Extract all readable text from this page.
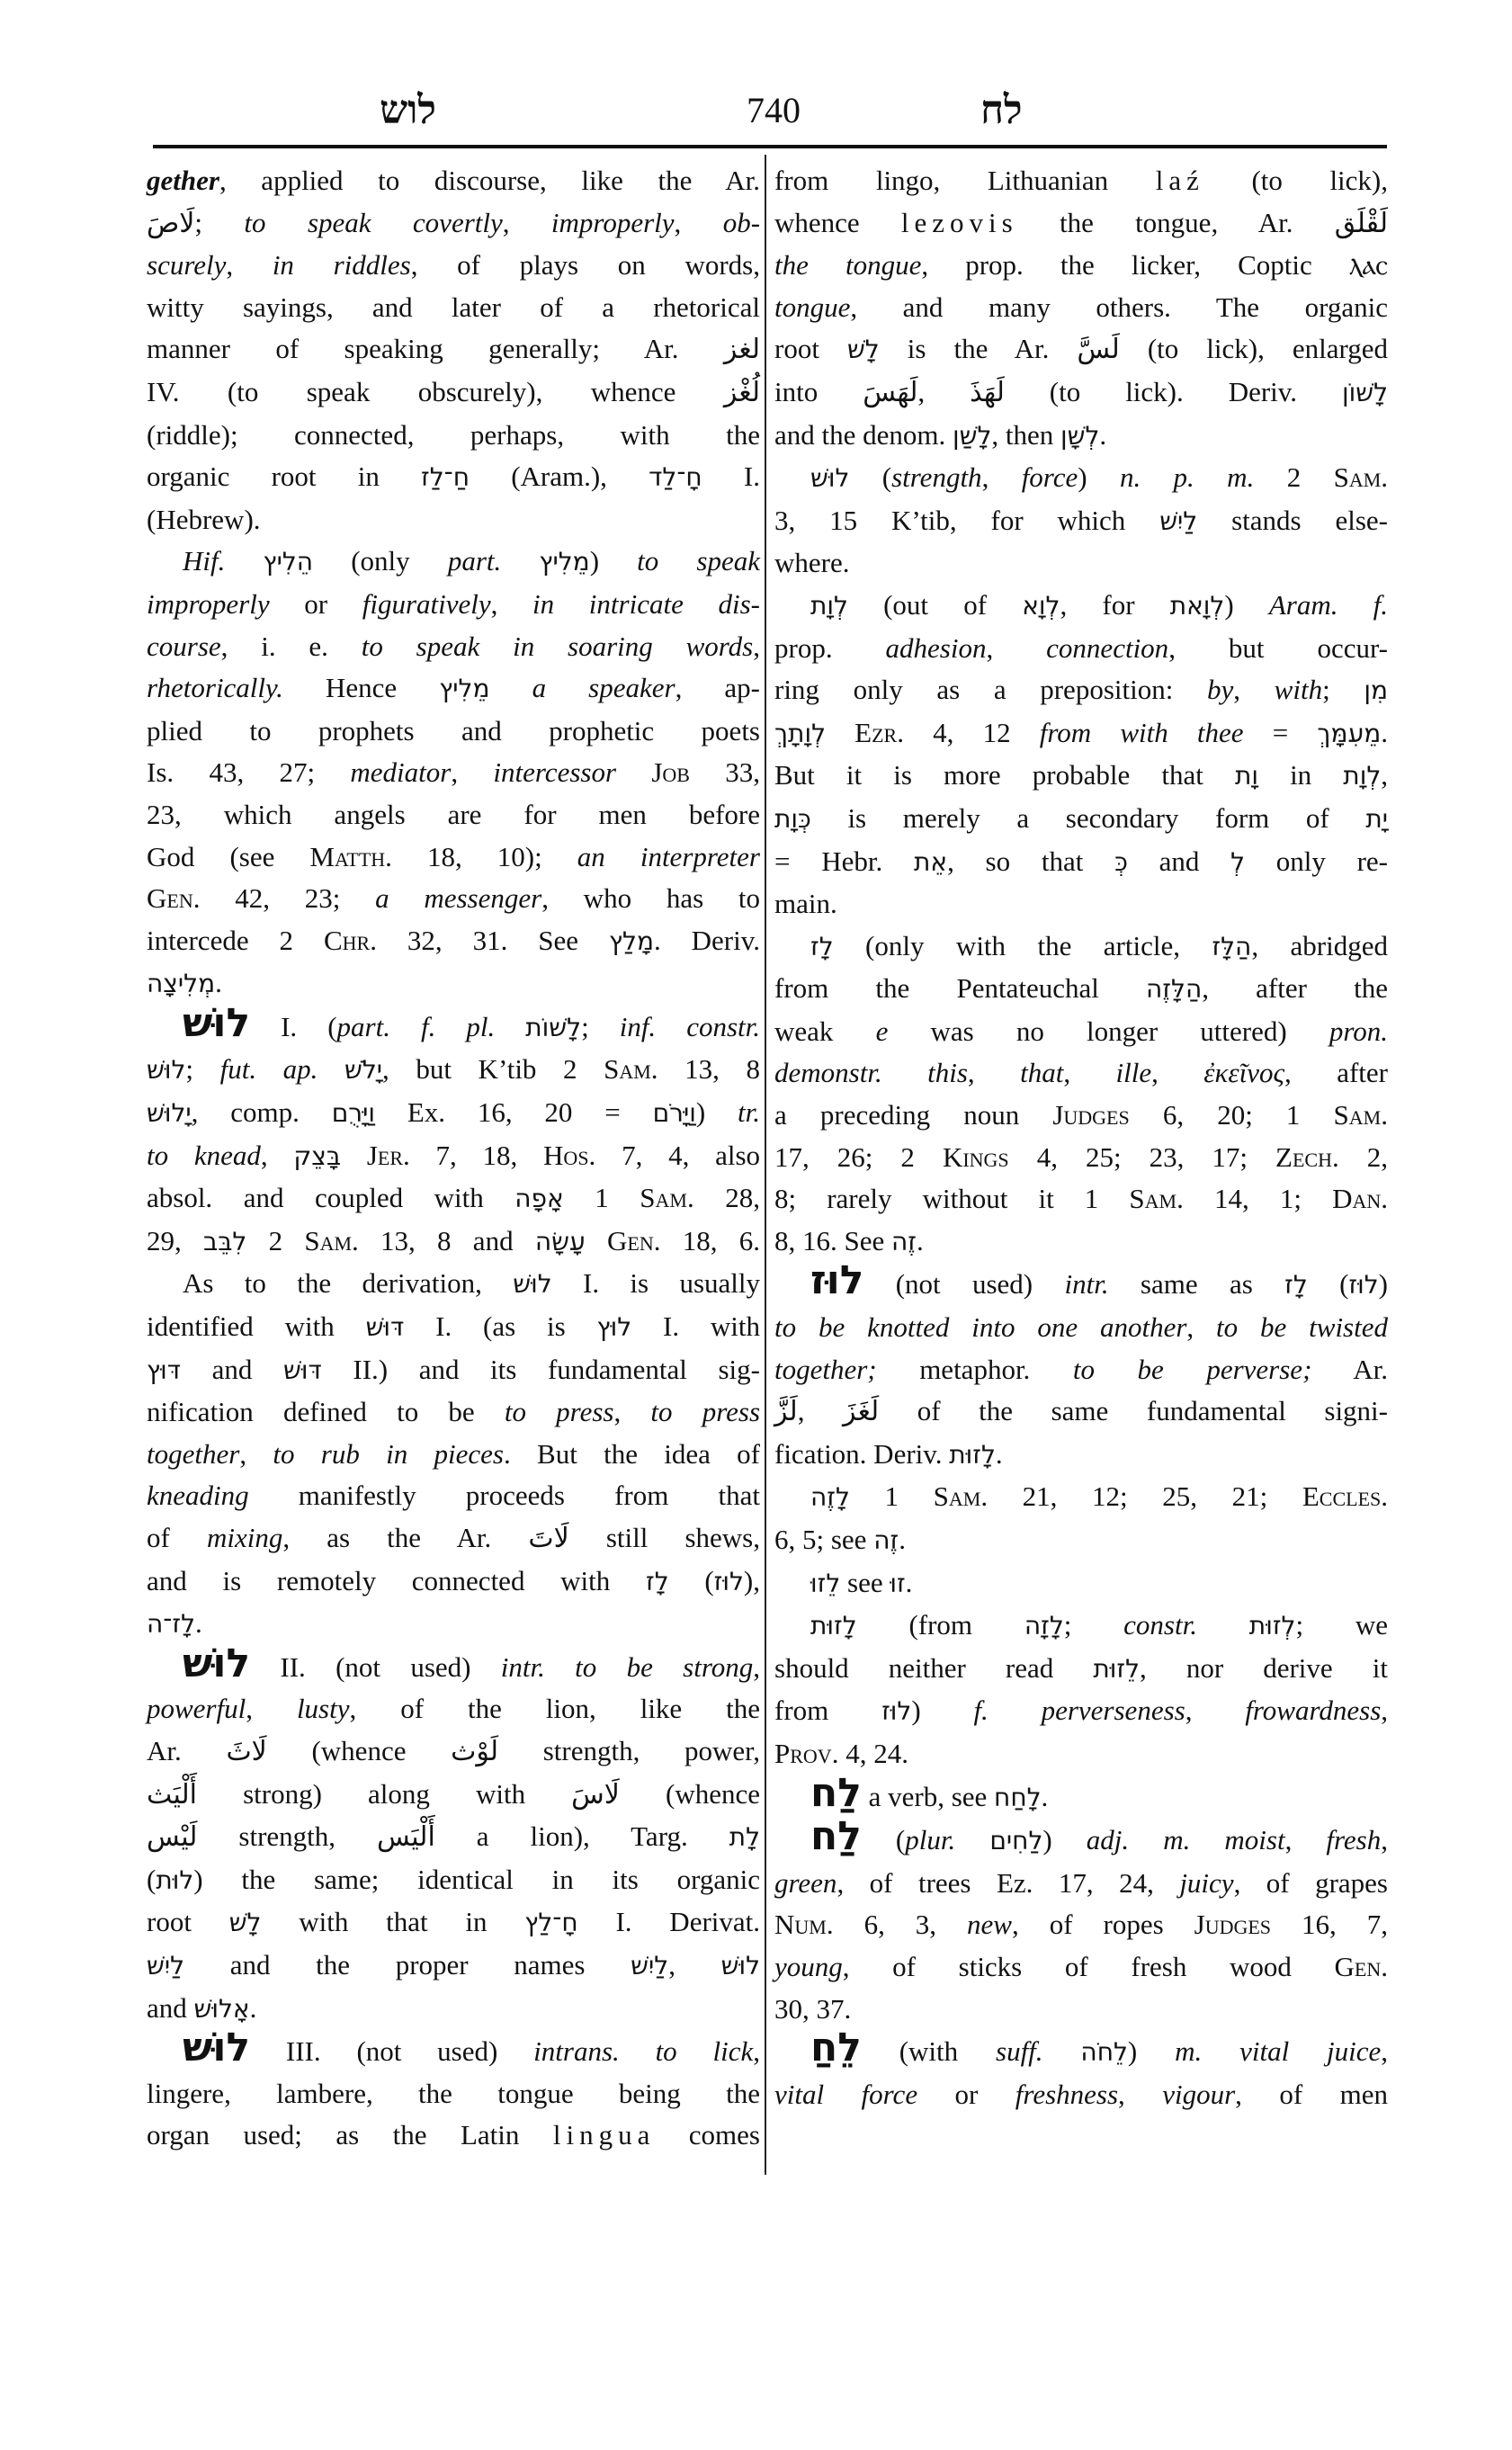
לוש	740	לח
gether, applied to discourse, like the Ar.
لَاصَ; to speak covertly, improperly, ob-
scurely, in riddles, of plays on words,
witty sayings, and later of a rhetorical
manner of speaking generally; Ar. لغز
IV. (to speak obscurely), whence لُغْز
(riddle); connected, perhaps, with the
organic root in חַ־לַז (Aram.), חָ־לַד I.
(Hebrew).
Hif. הֵלִיץ (only part. מֵלִיץ) to speak
improperly or figuratively, in intricate dis-
course, i. e. to speak in soaring words,
rhetorically. Hence מֵלִיץ a speaker, ap-
plied to prophets and prophetic poets
Is. 43, 27; mediator, intercessor Job 33,
23, which angels are for men before
God (see Matth. 18, 10); an interpreter
Gen. 42, 23; a messenger, who has to
intercede 2 Chr. 32, 31. See מָלַץ. Deriv.
מְלִיצָה.
לוּשׁ I. (part. f. pl. לָשׁוֹת; inf. constr.
לוּשׁ; fut. ap. יָלֹשׁ, but K’tib 2 Sam. 13, 8
יָלוּשׁ, comp. וַיָּרֻם Ex. 16, 20 = וַיָּרֹם) tr.
to knead, בָּצֵק Jer. 7, 18, Hos. 7, 4, also
absol. and coupled with אָפָה 1 Sam. 28,
29, לִבֵּב 2 Sam. 13, 8 and עָשָׂה Gen. 18, 6.
As to the derivation, לוּשׁ I. is usually
identified with דּוּשׁ I. (as is לוּץ I. with
דּוּץ and דּוּשׁ II.) and its fundamental sig-
nification defined to be to press, to press
together, to rub in pieces. But the idea of
kneading manifestly proceeds from that
of mixing, as the Ar. لَاتَ still shews,
and is remotely connected with לָז (לוּז),
לָז־ה.
לוּשׁ II. (not used) intr. to be strong,
powerful, lusty, of the lion, like the
Ar. لَاثَ (whence لَوْث strength, power,
أَلْيَث strong) along with لَاسَ (whence
لَيْس strength, أَلْيَس a lion), Targ. לָת
(לוּת) the same; identical in its organic
root לָשׁ with that in חָ־לַץ I. Derivat.
לַיִשׁ and the proper names לַיִשׁ, לוּשׁ
and אָלוּשׁ.
לוּשׁ III. (not used) intrans. to lick,
lingere, lambere, the tongue being the
organ used; as the Latin lingua comes
from lingo, Lithuanian laź (to lick),
whence lezovis the tongue, Ar. لَقْلَق
the tongue, prop. the licker, Coptic ⲗⲁⲥ
tongue, and many others. The organic
root לָשׁ is the Ar. لَسَّ (to lick), enlarged
into لَهَسَ, لَهَذَ (to lick). Deriv. לָשׁוֹן
and the denom. לָשַׁן, then לְשָׁן.
לוּשׁ (strength, force) n. p. m. 2 Sam.
3, 15 K’tib, for which לַיִשׁ stands else-
where.
לְוָת (out of לְוָא, for לְוָאת) Aram. f.
prop. adhesion, connection, but occur-
ring only as a preposition: by, with; מִן
לְוָתָךְ Ezr. 4, 12 from with thee = מֵעִמָּךְ.
But it is more probable that וָת in לְוָת,
כְּוָת is merely a secondary form of יָת
= Hebr. אֵת, so that כְּ and לְ only re-
main.
לָז (only with the article, הַלָּז, abridged
from the Pentateuchal הַלָּזֶה, after the
weak e was no longer uttered) pron.
demonstr. this, that, ille, ἐκεῖνος, after
a preceding noun Judges 6, 20; 1 Sam.
17, 26; 2 Kings 4, 25; 23, 17; Zech. 2,
8; rarely without it 1 Sam. 14, 1; Dan.
8, 16. See זֶה.
לוּז (not used) intr. same as לָז (לוּז)
to be knotted into one another, to be twisted
together; metaphor. to be perverse; Ar.
لَزَّ, لَغَزَ of the same fundamental signi-
fication. Deriv. לָזוּת.
לָזֶה 1 Sam. 21, 12; 25, 21; Eccles.
6, 5; see זֶה.
לֵזוּ see זוּ.
לָזוּת (from לָזָה; constr. לְזוּת; we
should neither read לֵזוּת, nor derive it
from לוּז) f. perverseness, frowardness,
Prov. 4, 24.
לַח a verb, see לָחַח.
לַח (plur. לַחִים) adj. m. moist, fresh,
green, of trees Ez. 17, 24, juicy, of grapes
Num. 6, 3, new, of ropes Judges 16, 7,
young, of sticks of fresh wood Gen.
30, 37.
לֵחַ (with suff. לֵחֹה) m. vital juice,
vital force or freshness, vigour, of men
